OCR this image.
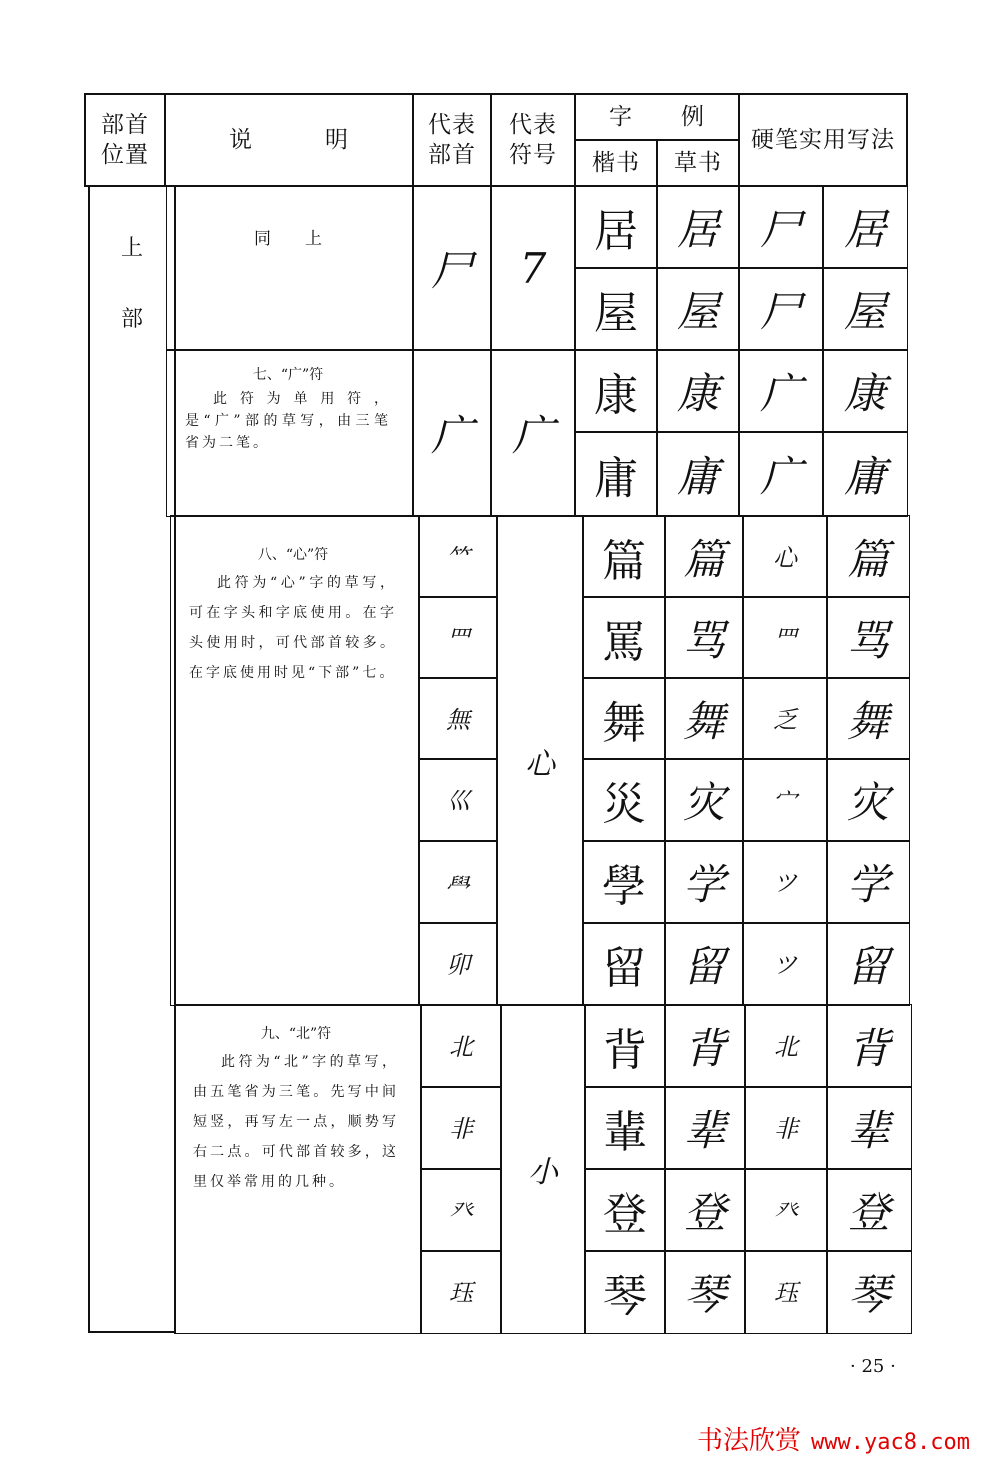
部首
位置
说　　　明
代表
部首
代表
符号
字　　例
楷书 草书
硬笔实用写法
上
部
同　　上
尸 7
居 居 尸 居
屋 屋 尸 屋
七、“广”符
此符为单用符，是“广”部的草写，由三笔省为二笔。	广 广
康 康 广 康
庸 庸 广 庸
八、“心”符
此符为“心”字的草写，可在字头和字底使用。在字头使用时，可代部首较多。在字底使用时见“下部”七。
𥫗
罒
無
巛
𦥯
卯
心
篇 篇 心 篇
罵 骂 罒 骂
舞 舞 乏 舞
災 灾 宀 灾
學 学 ツ 学
留 留 ツ 留
九、“北”符
此符为“北”字的草写，由五笔省为三笔。先写中间短竖，再写左一点，顺势写右二点。可代部首较多，这里仅举常用的几种。
北
非
癶
珏
小
背 背 北 背
輩 辈 非 辈
登 登 癶 登
琴 琴 珏 琴
· 25 ·
书法欣赏 www.yac8.com
